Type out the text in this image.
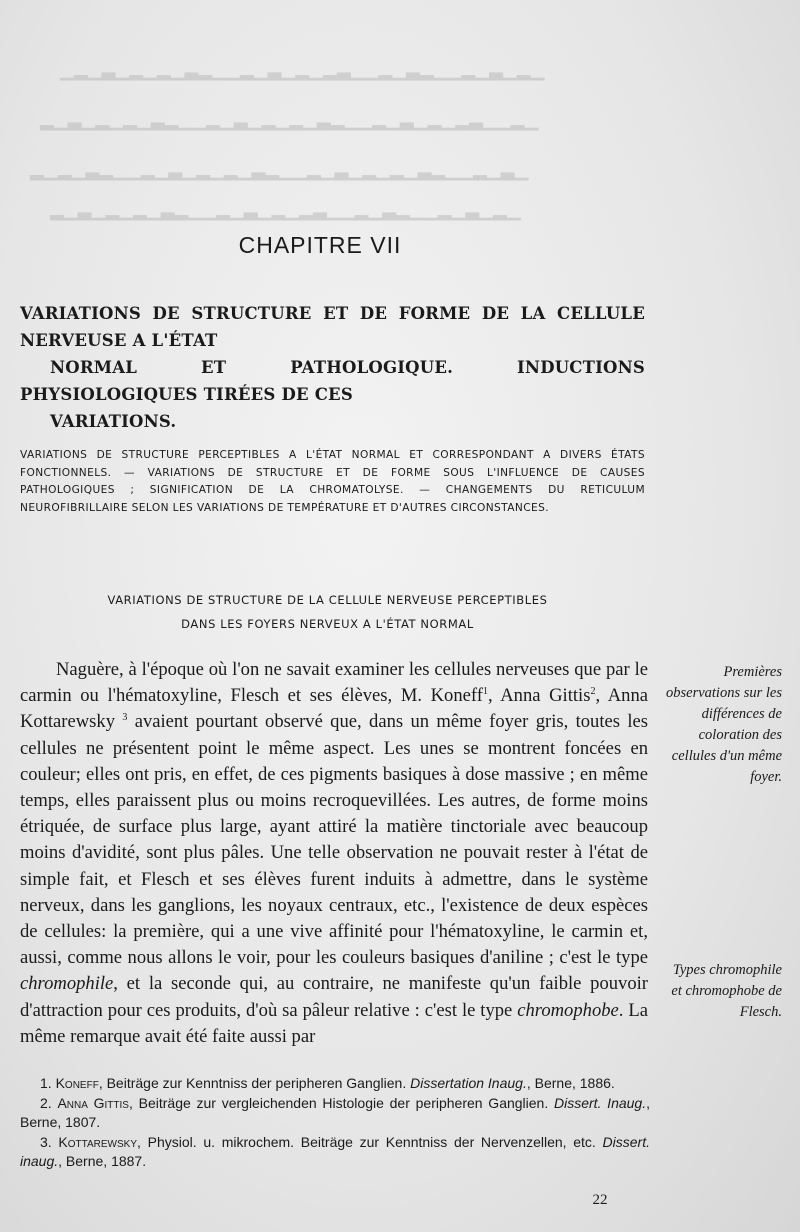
▁▂▁▃▁▂▁▁▂▃▁▂▁▁▃▂▁▂▁▃▁▂▁▁▂▃▁▂▁▂▁▃▁▂▁
▁▂▁▁▃▂▁▂▁▃▁▂▁▁▂▃▁▂▁▂▁▃▁▂▁▁▂▃▁▂▁▂▁▃▁▂
▁▃▁▂▁▁▂▃▁▂▁▂▁▃▁▂▁▁▂▃▁▂▁▂▁▃▁▂▁▁▂▃▁▂▁▂
▁▂▁▃▁▂▁▁▂▃▁▂▁▁▃▂▁▂▁▃▁▂▁▁▂▃▁▂▁▂▁▃▁▂
CHAPITRE VII
VARIATIONS DE STRUCTURE ET DE FORME DE LA CELLULE NERVEUSE A L'ÉTAT
NORMAL ET PATHOLOGIQUE. INDUCTIONS PHYSIOLOGIQUES TIRÉES DE CES
VARIATIONS.

VARIATIONS DE STRUCTURE PERCEPTIBLES A L'ÉTAT NORMAL ET CORRESPONDANT A DIVERS ÉTATS FONCTIONNELS. — VARIATIONS DE STRUCTURE ET DE FORME SOUS L'INFLUENCE DE CAUSES PATHOLOGIQUES ; SIGNIFICATION DE LA CHROMATOLYSE. — CHANGEMENTS DU RETICULUM NEUROFIBRILLAIRE SELON LES VARIATIONS DE TEMPÉRATURE ET D'AUTRES CIRCONSTANCES.

VARIATIONS DE STRUCTURE DE LA CELLULE NERVEUSE PERCEPTIBLES
DANS LES FOYERS NERVEUX A L'ÉTAT NORMAL

Naguère, à l'époque où l'on ne savait examiner les cellules nerveuses que par le carmin ou l'hématoxyline, Flesch et ses élèves, M. Koneff$^1$, Anna Gittis$^2$, Anna Kottarewsky $^3$ avaient pourtant observé que, dans un même foyer gris, toutes les cellules ne présentent point le même aspect. Les unes se montrent foncées en couleur; elles ont pris, en effet, de ces pigments basiques à dose massive ; en même temps, elles paraissent plus ou moins recroquevillées. Les autres, de forme moins étriquée, de surface plus large, ayant attiré la matière tinctoriale avec beaucoup moins d'avidité, sont plus pâles. Une telle observation ne pouvait rester à l'état de simple fait, et Flesch et ses élèves furent induits à admettre, dans le système nerveux, dans les ganglions, les noyaux centraux, etc., l'existence de deux espèces de cellules: la première, qui a une vive affinité pour l'hématoxyline, le carmin et, aussi, comme nous allons le voir, pour les couleurs basiques d'aniline ; c'est le type chromophile, et la seconde qui, au contraire, ne manifeste qu'un faible pouvoir d'attraction pour ces produits, d'où sa pâleur relative : c'est le type chromophobe. La même remarque avait été faite aussi par

Premières observations sur les différences de coloration des cellules d'un même foyer.

Types chromophile et chromophobe de Flesch.

1. Koneff, Beiträge zur Kenntniss der peripheren Ganglien. Dissertation Inaug., Berne, 1886.

2. Anna Gittis, Beiträge zur vergleichenden Histologie der peripheren Ganglien. Dissert. Inaug., Berne, 1807.

3. Kottarewsky, Physiol. u. mikrochem. Beiträge zur Kenntniss der Nervenzellen, etc. Dissert. inaug., Berne, 1887.

22
